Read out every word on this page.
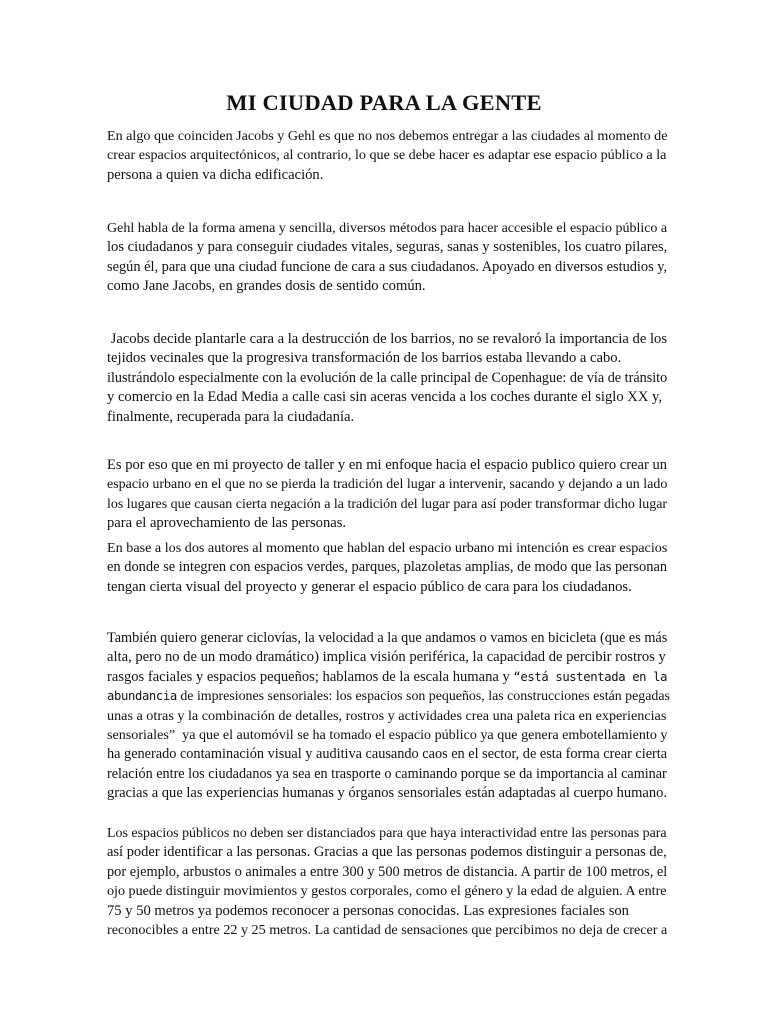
MI CIUDAD PARA LA GENTE
En algo que coinciden Jacobs y Gehl es que no nos debemos entregar a las ciudades al momento de
crear espacios arquitectónicos, al contrario, lo que se debe hacer es adaptar ese espacio público a la
persona a quien va dicha edificación.
Gehl habla de la forma amena y sencilla, diversos métodos para hacer accesible el espacio público a
los ciudadanos y para conseguir ciudades vitales, seguras, sanas y sostenibles, los cuatro pilares,
según él, para que una ciudad funcione de cara a sus ciudadanos. Apoyado en diversos estudios y,
como Jane Jacobs, en grandes dosis de sentido común.
Jacobs decide plantarle cara a la destrucción de los barrios, no se revaloró la importancia de los
tejidos vecinales que la progresiva transformación de los barrios estaba llevando a cabo.
ilustrándolo especialmente con la evolución de la calle principal de Copenhague: de vía de tránsito
y comercio en la Edad Media a calle casi sin aceras vencida a los coches durante el siglo XX y,
finalmente, recuperada para la ciudadanía.
Es por eso que en mi proyecto de taller y en mi enfoque hacia el espacio publico quiero crear un
espacio urbano en el que no se pierda la tradición del lugar a intervenir, sacando y dejando a un lado
los lugares que causan cierta negación a la tradición del lugar para así poder transformar dicho lugar
para el aprovechamiento de las personas.
En base a los dos autores al momento que hablan del espacio urbano mi intención es crear espacios
en donde se integren con espacios verdes, parques, plazoletas amplias, de modo que las personan
tengan cierta visual del proyecto y generar el espacio público de cara para los ciudadanos.
También quiero generar ciclovías, la velocidad a la que andamos o vamos en bicicleta (que es más
alta, pero no de un modo dramático) implica visión periférica, la capacidad de percibir rostros y
rasgos faciales y espacios pequeños; hablamos de la escala humana y “está sustentada en la
abundancia de impresiones sensoriales: los espacios son pequeños, las construcciones están pegadas
unas a otras y la combinación de detalles, rostros y actividades crea una paleta rica en experiencias
sensoriales”  ya que el automóvil se ha tomado el espacio público ya que genera embotellamiento y
ha generado contaminación visual y auditiva causando caos en el sector, de esta forma crear cierta
relación entre los ciudadanos ya sea en trasporte o caminando porque se da importancia al caminar
gracias a que las experiencias humanas y órganos sensoriales están adaptadas al cuerpo humano.
Los espacios públicos no deben ser distanciados para que haya interactividad entre las personas para
así poder identificar a las personas. Gracias a que las personas podemos distinguir a personas de,
por ejemplo, arbustos o animales a entre 300 y 500 metros de distancia. A partir de 100 metros, el
ojo puede distinguir movimientos y gestos corporales, como el género y la edad de alguien. A entre
75 y 50 metros ya podemos reconocer a personas conocidas. Las expresiones faciales son
reconocibles a entre 22 y 25 metros. La cantidad de sensaciones que percibimos no deja de crecer a
